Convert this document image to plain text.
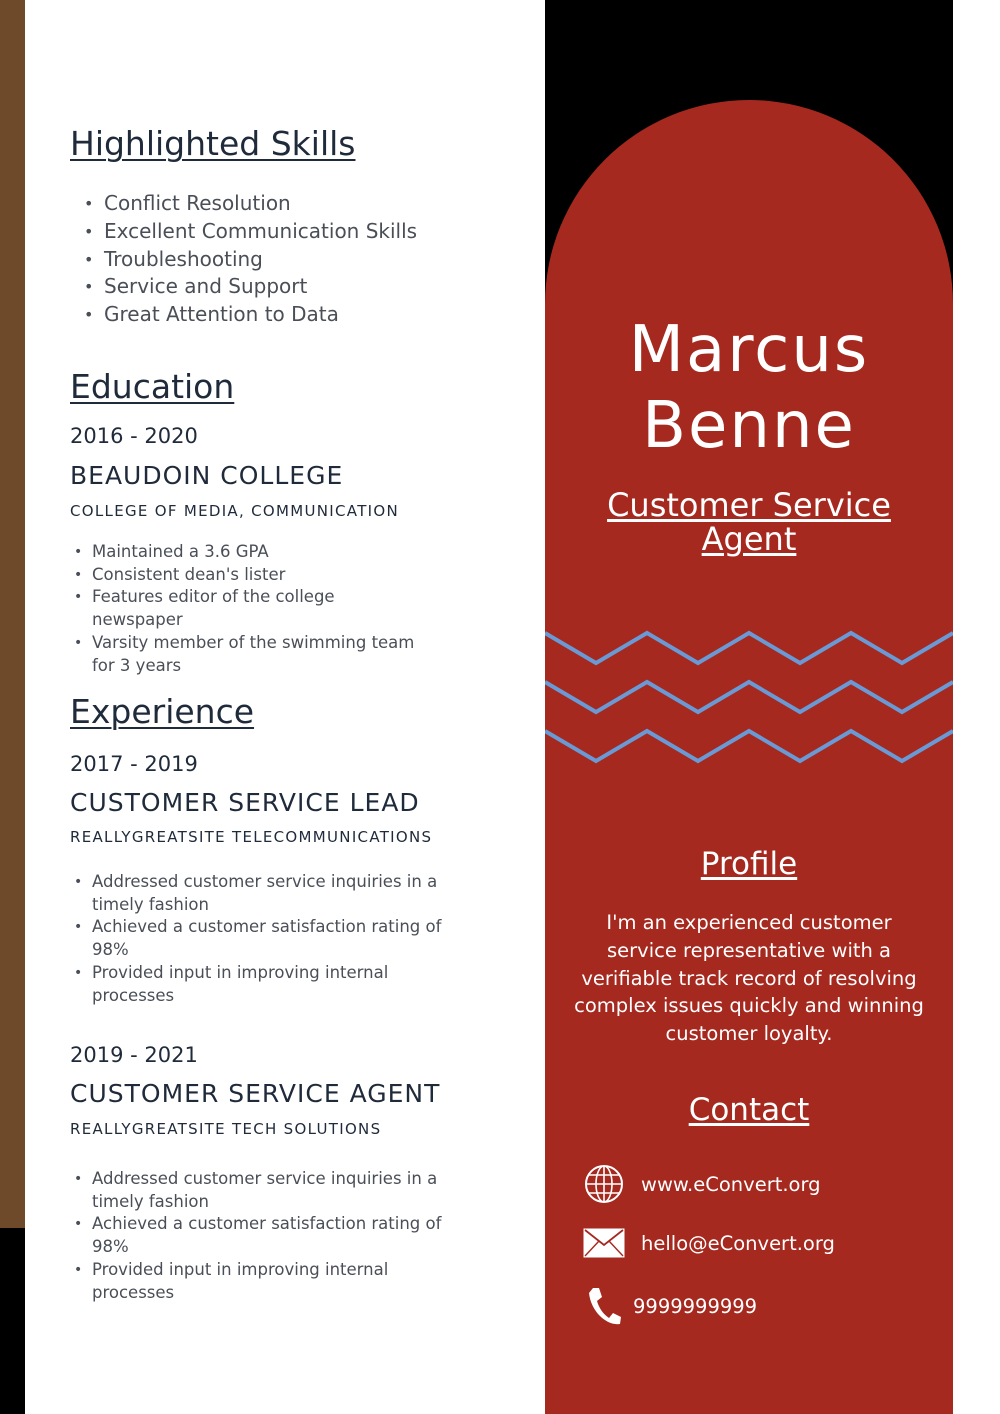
Highlighted Skills
• Conflict Resolution
• Excellent Communication Skills
• Troubleshooting
• Service and Support
• Great Attention to Data
Education
2016 - 2020
BEAUDOIN COLLEGE
COLLEGE OF MEDIA, COMMUNICATION
• Maintained a 3.6 GPA
• Consistent dean's lister
• Features editor of the college newspaper
• Varsity member of the swimming team for 3 years
Experience
2017 - 2019
CUSTOMER SERVICE LEAD
REALLYGREATSITE TELECOMMUNICATIONS
• Addressed customer service inquiries in a timely fashion
• Achieved a customer satisfaction rating of 98%
• Provided input in improving internal processes
2019 - 2021
CUSTOMER SERVICE AGENT
REALLYGREATSITE TECH SOLUTIONS
• Addressed customer service inquiries in a timely fashion
• Achieved a customer satisfaction rating of 98%
• Provided input in improving internal processes
Marcus
Benne
Customer Service
Agent
Profile
I'm an experienced customer service representative with a verifiable track record of resolving complex issues quickly and winning customer loyalty.
Contact
www.eConvert.org
hello@eConvert.org
9999999999
